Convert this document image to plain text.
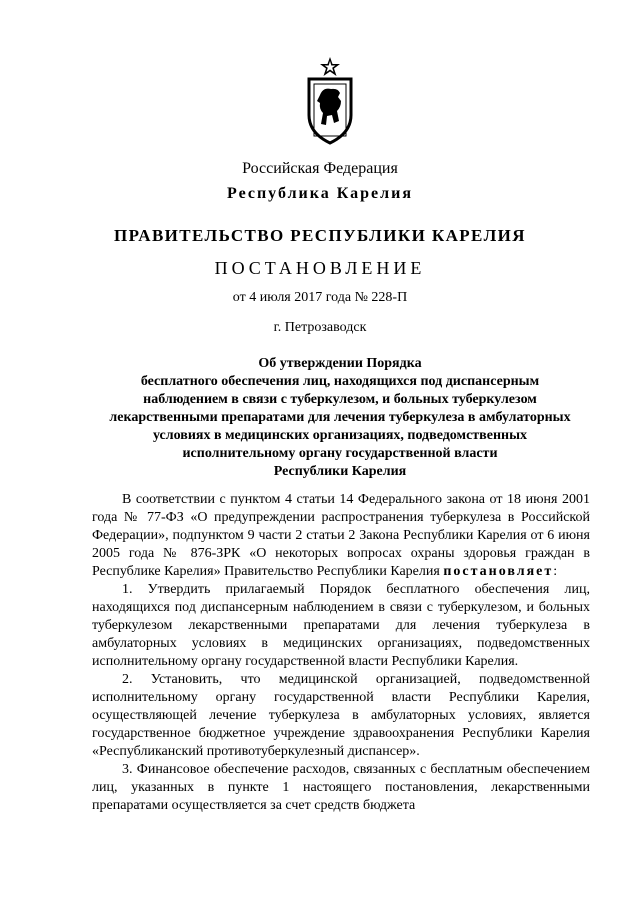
Российская Федерация
Республика Карелия
ПРАВИТЕЛЬСТВО РЕСПУБЛИКИ КАРЕЛИЯ
ПОСТАНОВЛЕНИЕ
от 4 июля 2017 года № 228-П
г. Петрозаводск
Об утверждении Порядка
бесплатного обеспечения лиц, находящихся под диспансерным
наблюдением в связи с туберкулезом, и больных туберкулезом
лекарственными препаратами для лечения туберкулеза в амбулаторных
условиях в медицинских организациях, подведомственных
исполнительному органу государственной власти
Республики Карелия

В соответствии с пунктом 4 статьи 14 Федерального закона от 18 июня 2001 года № 77-ФЗ «О предупреждении распространения туберкулеза в Российской Федерации», подпунктом 9 части 2 статьи 2 Закона Республики Карелия от 6 июня 2005 года № 876-ЗРК «О некоторых вопросах охраны здоровья граждан в Республике Карелия» Правительство Республики Карелия постановляет:

1. Утвердить прилагаемый Порядок бесплатного обеспечения лиц, находящихся под диспансерным наблюдением в связи с туберкулезом, и больных туберкулезом лекарственными препаратами для лечения туберкулеза в амбулаторных условиях в медицинских организациях, подведомственных исполнительному органу государственной власти Республики Карелия.

2. Установить, что медицинской организацией, подведомственной исполнительному органу государственной власти Республики Карелия, осуществляющей лечение туберкулеза в амбулаторных условиях, является государственное бюджетное учреждение здравоохранения Республики Карелия «Республиканский противотуберкулезный диспансер».

3. Финансовое обеспечение расходов, связанных с бесплатным обеспечением лиц, указанных в пункте 1 настоящего постановления, лекарственными препаратами осуществляется за счет средств бюджета
